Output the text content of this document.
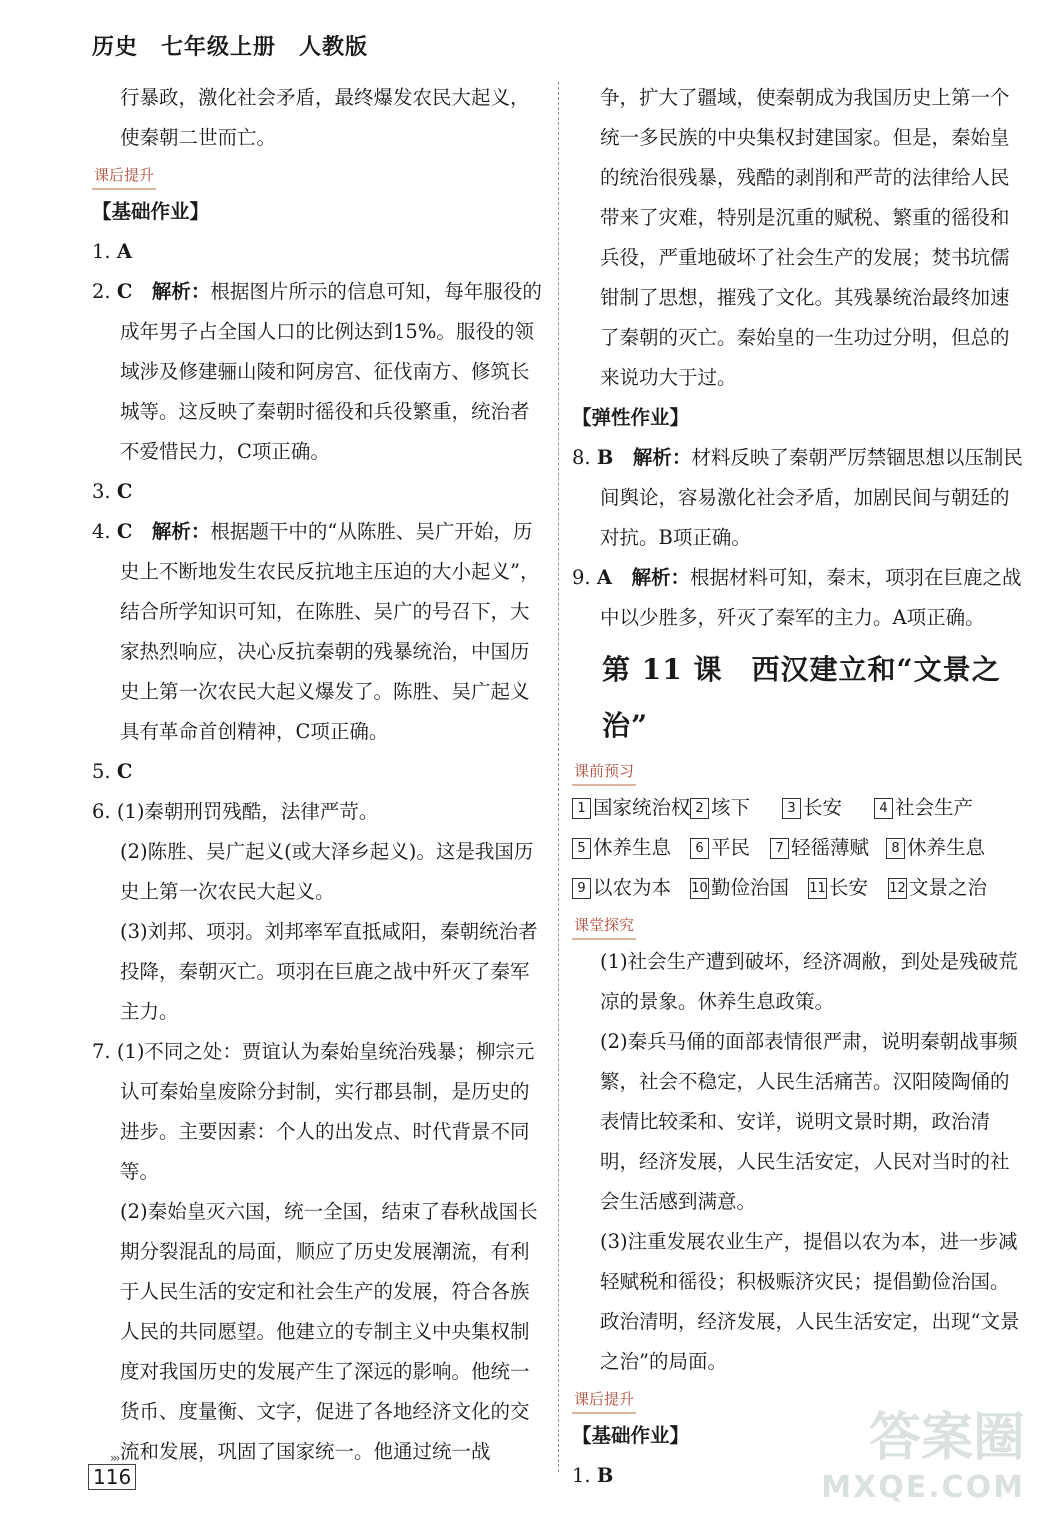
历史　七年级上册　人教版

行暴政，激化社会矛盾，最终爆发农民大起义，

使秦朝二世而亡。

课后提升

【基础作业】

1. A

2. C　 解析：根据图片所示的信息可知，每年服役的成年男子占全国人口的比例达到15%。服役的领域涉及修建骊山陵和阿房宫、征伐南方、修筑长城等。这反映了秦朝时徭役和兵役繁重，统治者不爱惜民力，C项正确。

3. C

4. C　 解析：根据题干中的“从陈胜、吴广开始，历史上不断地发生农民反抗地主压迫的大小起义”，结合所学知识可知，在陈胜、吴广的号召下，大家热烈响应，决心反抗秦朝的残暴统治，中国历史上第一次农民大起义爆发了。陈胜、吴广起义具有革命首创精神，C项正确。

5. C

6. (1)秦朝刑罚残酷，法律严苛。

(2)陈胜、吴广起义(或大泽乡起义)。这是我国历史上第一次农民大起义。

(3)刘邦、项羽。刘邦率军直抵咸阳，秦朝统治者投降，秦朝灭亡。项羽在巨鹿之战中歼灭了秦军主力。

7. (1)不同之处：贾谊认为秦始皇统治残暴；柳宗元认可秦始皇废除分封制，实行郡县制，是历史的进步。主要因素：个人的出发点、时代背景不同等。

(2)秦始皇灭六国，统一全国，结束了春秋战国长期分裂混乱的局面，顺应了历史发展潮流，有利于人民生活的安定和社会生产的发展，符合各族人民的共同愿望。他建立的专制主义中央集权制度对我国历史的发展产生了深远的影响。他统一货币、度量衡、文字，促进了各地经济文化的交流和发展，巩固了国家统一。他通过统一战

争，扩大了疆域，使秦朝成为我国历史上第一个统一多民族的中央集权封建国家。但是，秦始皇的统治很残暴，残酷的剥削和严苛的法律给人民带来了灾难，特别是沉重的赋税、繁重的徭役和兵役，严重地破坏了社会生产的发展；焚书坑儒钳制了思想，摧残了文化。其残暴统治最终加速了秦朝的灭亡。秦始皇的一生功过分明，但总的来说功大于过。

【弹性作业】

8. B　 解析：材料反映了秦朝严厉禁锢思想以压制民间舆论，容易激化社会矛盾，加剧民间与朝廷的对抗。B项正确。

9. A　 解析：根据材料可知，秦末，项羽在巨鹿之战中以少胜多，歼灭了秦军的主力。A项正确。

第 11 课　西汉建立和“文景之治”

课前预习
1 国家统治权 2 垓下	3 长安	4 社会生产
5 休养生息	6 平民	7 轻徭薄赋	8 休养生息
9 以农为本	10 勤俭治国	11 长安	12 文景之治
课堂探究

(1)社会生产遭到破坏，经济凋敝，到处是残破荒凉的景象。休养生息政策。

(2)秦兵马俑的面部表情很严肃，说明秦朝战事频繁，社会不稳定，人民生活痛苦。汉阳陵陶俑的表情比较柔和、安详，说明文景时期，政治清明，经济发展，人民生活安定，人民对当时的社会生活感到满意。

(3)注重发展农业生产，提倡以农为本，进一步减轻赋税和徭役；积极赈济灾民；提倡勤俭治国。政治清明，经济发展，人民生活安定，出现“文景之治”的局面。

课后提升

【基础作业】

1. B

›››
116
答案圈
MXQE.COM
